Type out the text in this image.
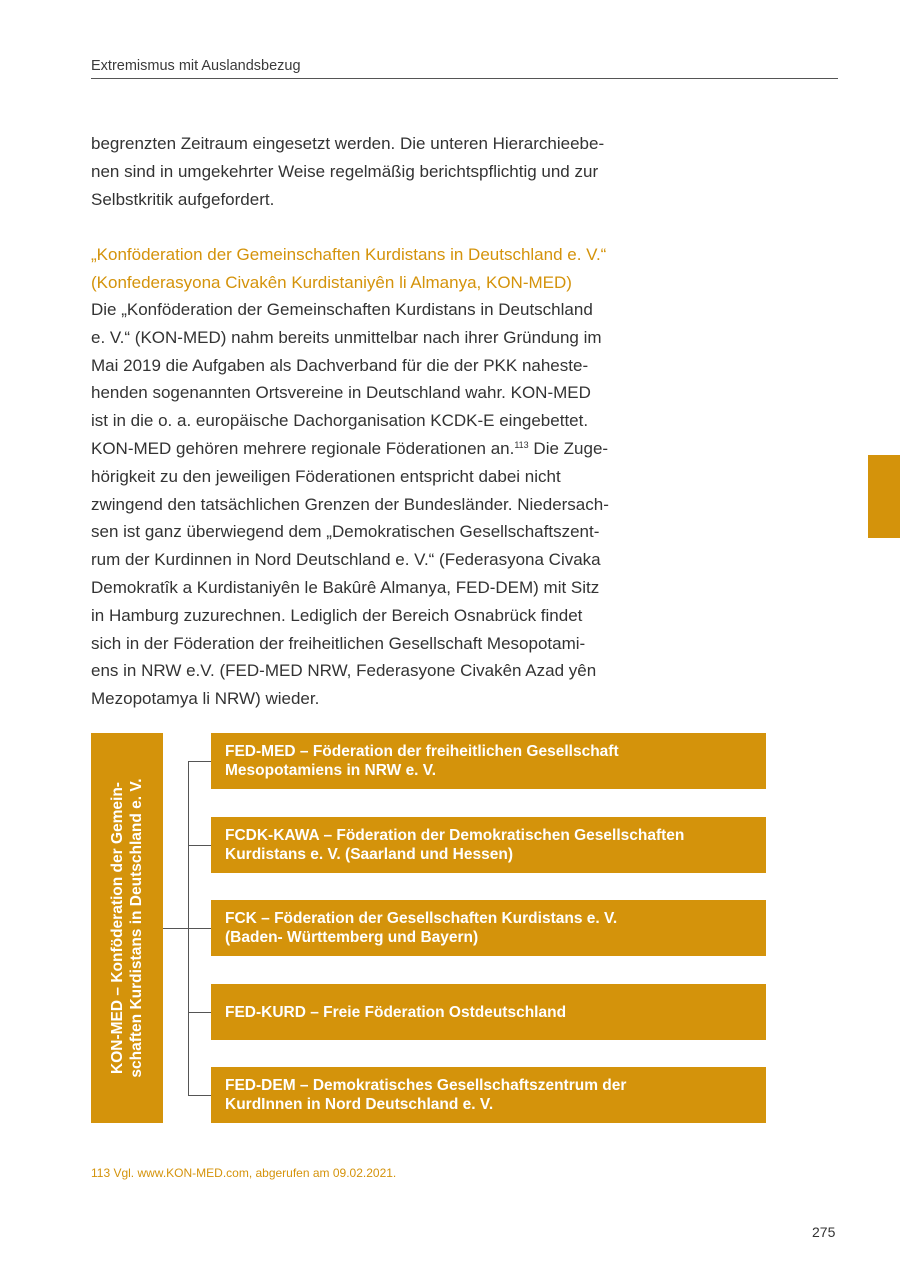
Extremismus mit Auslandsbezug

begrenzten Zeitraum eingesetzt werden. Die unteren Hierarchieebe-
nen sind in umgekehrter Weise regelmäßig berichtspflichtig und zur
Selbstkritik aufgefordert.

„Konföderation der Gemeinschaften Kurdistans in Deutschland e. V.“
(Konfederasyona Civakên Kurdistaniyên li Almanya, KON-MED)

Die „Konföderation der Gemeinschaften Kurdistans in Deutschland
e. V.“ (KON-MED) nahm bereits unmittelbar nach ihrer Gründung im
Mai 2019 die Aufgaben als Dachverband für die der PKK naheste-
henden sogenannten Ortsvereine in Deutschland wahr. KON-MED
ist in die o. a. europäische Dachorganisation KCDK-E eingebettet.
KON-MED gehören mehrere regionale Föderationen an.$^{113}$ Die Zuge-
hörigkeit zu den jeweiligen Föderationen entspricht dabei nicht
zwingend den tatsächlichen Grenzen der Bundesländer. Niedersach-
sen ist ganz überwiegend dem „Demokratischen Gesellschaftszent-
rum der Kurdinnen in Nord Deutschland e. V.“ (Federasyona Civaka
Demokratîk a Kurdistaniyên le Bakûrê Almanya, FED-DEM) mit Sitz
in Hamburg zuzurechnen. Lediglich der Bereich Osnabrück findet
sich in der Föderation der freiheitlichen Gesellschaft Mesopotami-
ens in NRW e.V. (FED-MED NRW, Federasyone Civakên Azad yên
Mezopotamya li NRW) wieder.

KON-MED – Konföderation der Gemein- schaften Kurdistans in Deutschland e. V.
FED-MED – Föderation der freiheitlichen Gesellschaft
Mesopotamiens in NRW e. V.
FCDK-KAWA – Föderation der Demokratischen Gesellschaften
Kurdistans e. V. (Saarland und Hessen)
FCK – Föderation der Gesellschaften Kurdistans e. V.
(Baden- Württemberg und Bayern)
FED-KURD – Freie Föderation Ostdeutschland
FED-DEM – Demokratisches Gesellschaftszentrum der
KurdInnen in Nord Deutschland e. V.
113 Vgl. www.KON-MED.com, abgerufen am 09.02.2021.
275
